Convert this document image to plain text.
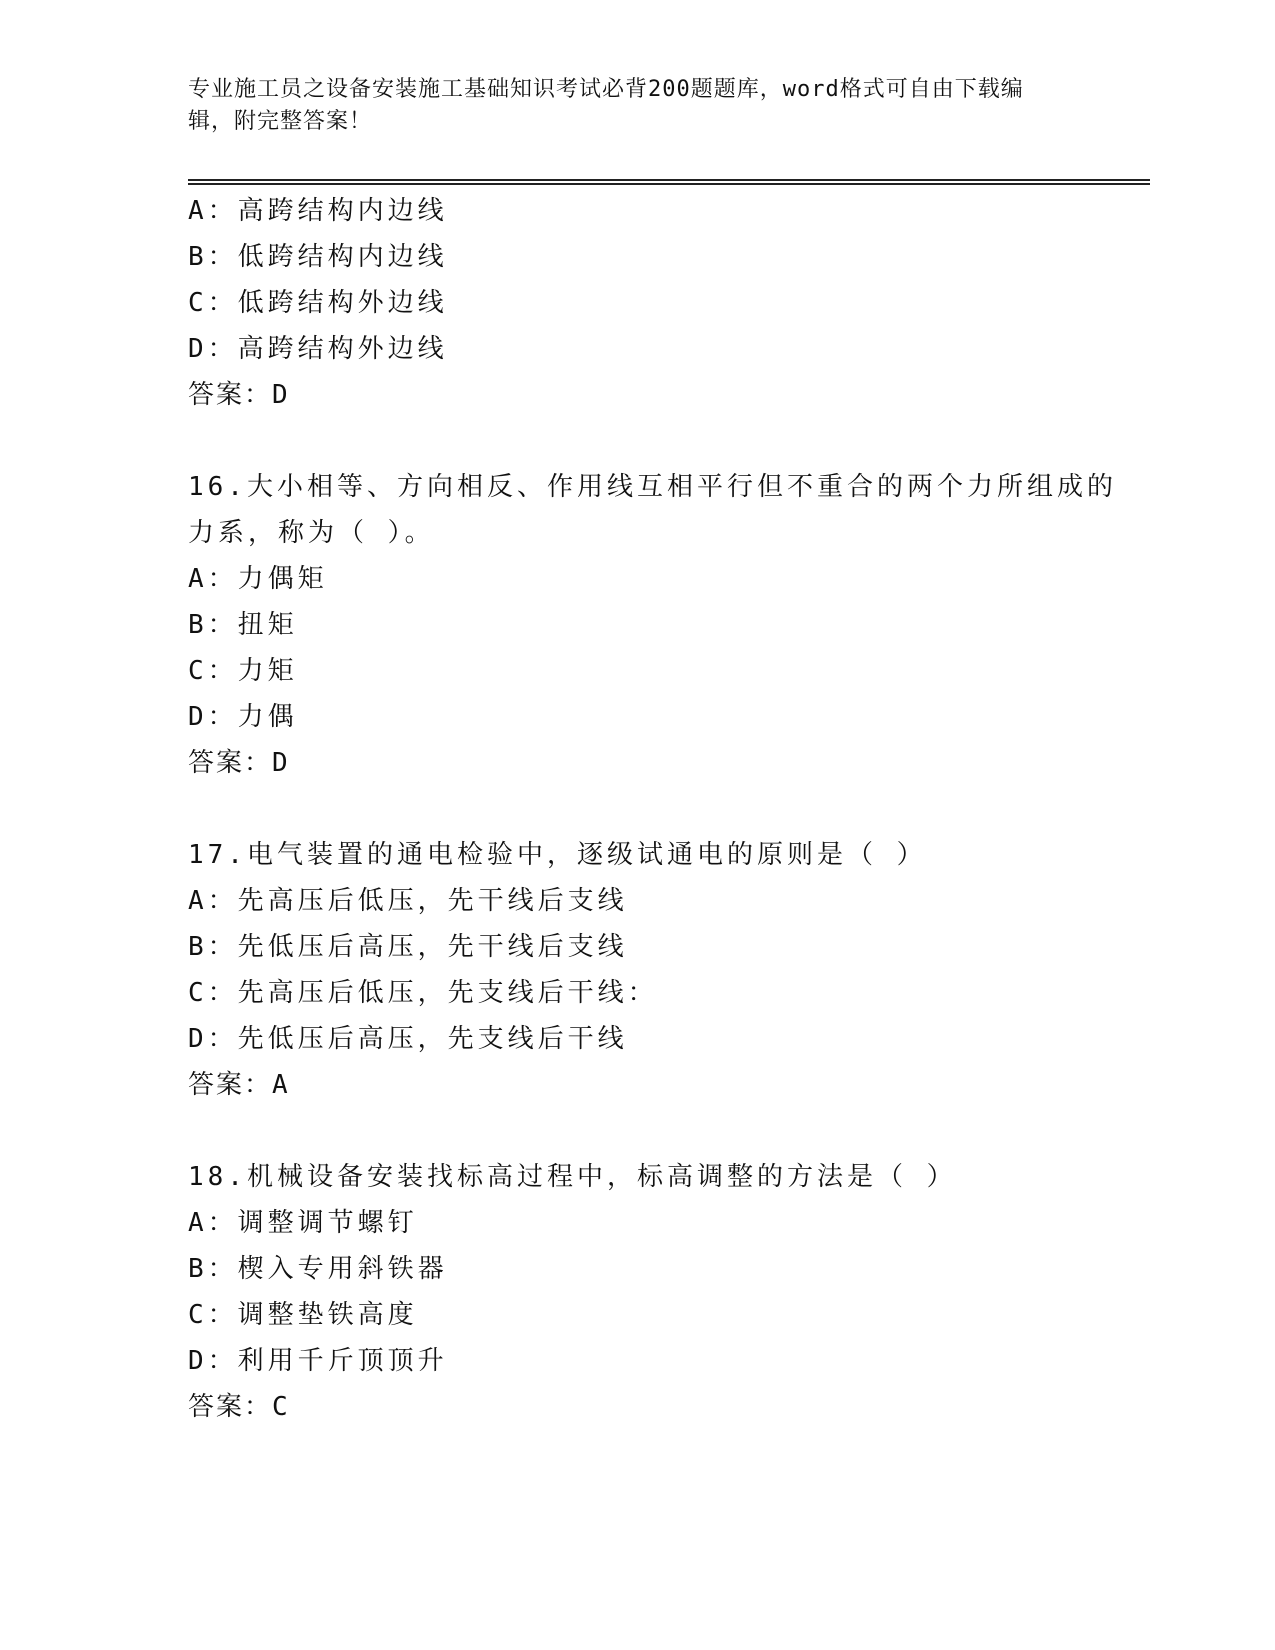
专业施工员之设备安装施工基础知识考试必背200题题库，word格式可自由下载编辑，附完整答案！
A：高跨结构内边线
B：低跨结构内边线
C：低跨结构外边线
D：高跨结构外边线
答案：D
16.大小相等、方向相反、作用线互相平行但不重合的两个力所组成的
力系，称为（ ）。
A：力偶矩
B：扭矩
C：力矩
D：力偶
答案：D
17.电气装置的通电检验中，逐级试通电的原则是（ ）
A：先高压后低压，先干线后支线
B：先低压后高压，先干线后支线
C：先高压后低压，先支线后干线：
D：先低压后高压，先支线后干线
答案：A
18.机械设备安装找标高过程中，标高调整的方法是（ ）
A：调整调节螺钉
B：楔入专用斜铁器
C：调整垫铁高度
D：利用千斤顶顶升
答案：C
